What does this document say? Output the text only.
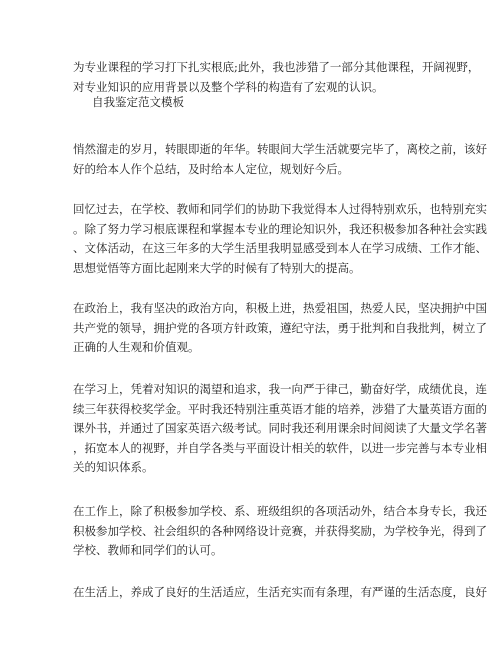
为专业课程的学习打下扎实根底;此外，我也涉猎了一部分其他课程，开阔视野，
对专业知识的应用背景以及整个学科的构造有了宏观的认识。
自我鉴定范文模板
悄然溜走的岁月，转眼即逝的年华。转眼间大学生活就要完毕了，离校之前，该好
好的给本人作个总结，及时给本人定位，规划好今后。
回忆过去，在学校、教师和同学们的协助下我觉得本人过得特别欢乐，也特别充实
。除了努力学习根底课程和掌握本专业的理论知识外，我还积极参加各种社会实践
、文体活动，在这三年多的大学生活里我明显感受到本人在学习成绩、工作才能、
思想觉悟等方面比起刚来大学的时候有了特别大的提高。
在政治上，我有坚决的政治方向，积极上进，热爱祖国，热爱人民，坚决拥护中国
共产党的领导，拥护党的各项方针政策，遵纪守法，勇于批判和自我批判，树立了
正确的人生观和价值观。
在学习上，凭着对知识的渴望和追求，我一向严于律己，勤奋好学，成绩优良，连
续三年获得校奖学金。平时我还特别注重英语才能的培养，涉猎了大量英语方面的
课外书，并通过了国家英语六级考试。同时我还利用课余时间阅读了大量文学名著
，拓宽本人的视野，并自学各类与平面设计相关的软件，以进一步完善与本专业相
关的知识体系。
在工作上，除了积极参加学校、系、班级组织的各项活动外，结合本身专长，我还
积极参加学校、社会组织的各种网络设计竞赛，并获得奖励，为学校争光，得到了
学校、教师和同学们的认可。
在生活上，养成了良好的生活适应，生活充实而有条理，有严谨的生活态度，良好
